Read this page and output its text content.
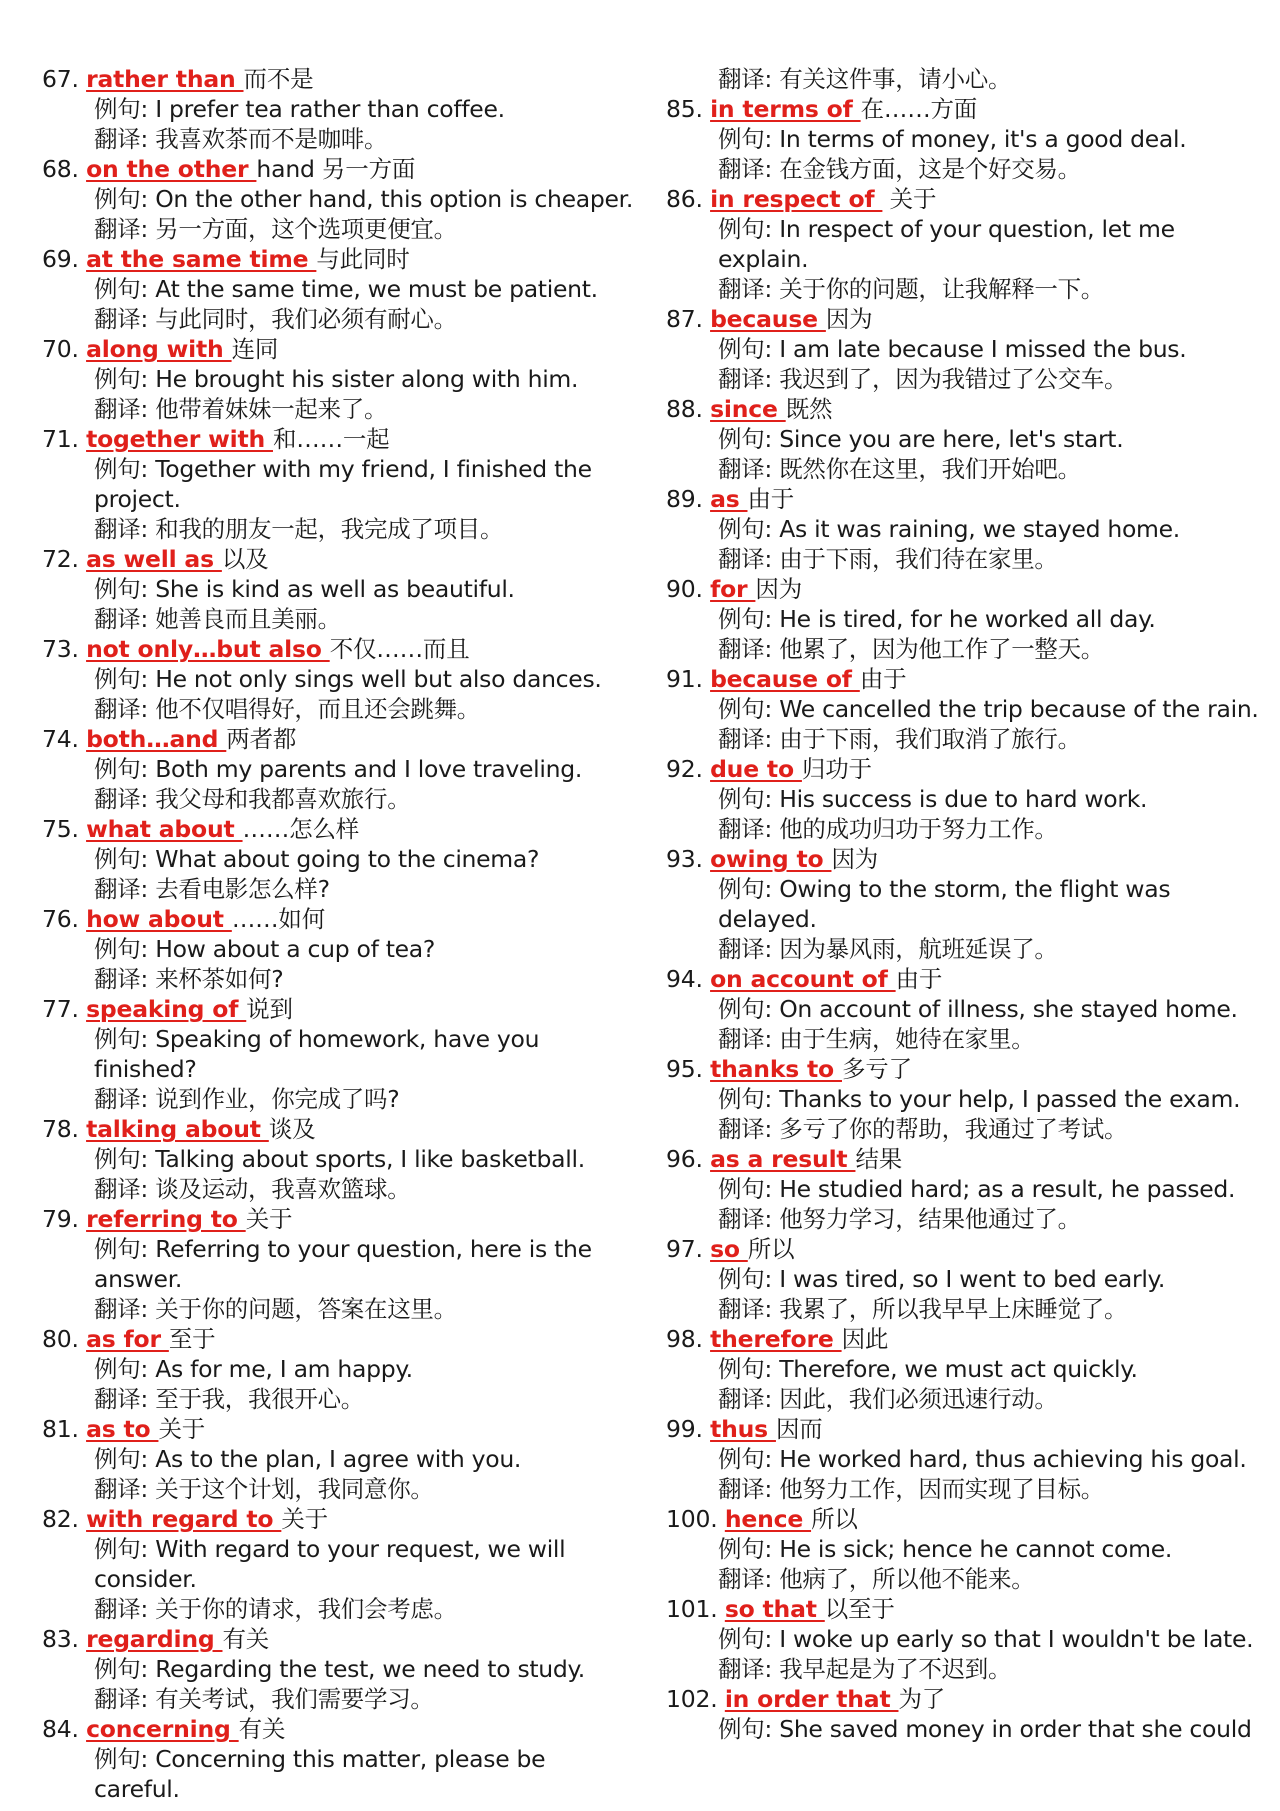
67. rather than 而不是
例句: I prefer tea rather than coffee.
翻译: 我喜欢茶而不是咖啡。
68. on the other hand 另一方面
例句: On the other hand, this option is cheaper.
翻译: 另一方面，这个选项更便宜。
69. at the same time 与此同时
例句: At the same time, we must be patient.
翻译: 与此同时，我们必须有耐心。
70. along with 连同
例句: He brought his sister along with him.
翻译: 他带着妹妹一起来了。
71. together with 和……一起
例句: Together with my friend, I finished the project.
翻译: 和我的朋友一起，我完成了项目。
72. as well as 以及
例句: She is kind as well as beautiful.
翻译: 她善良而且美丽。
73. not only…but also 不仅……而且
例句: He not only sings well but also dances.
翻译: 他不仅唱得好，而且还会跳舞。
74. both…and 两者都
例句: Both my parents and I love traveling.
翻译: 我父母和我都喜欢旅行。
75. what about ……怎么样
例句: What about going to the cinema?
翻译: 去看电影怎么样?
76. how about ……如何
例句: How about a cup of tea?
翻译: 来杯茶如何?
77. speaking of 说到
例句: Speaking of homework, have you finished?
翻译: 说到作业，你完成了吗?
78. talking about 谈及
例句: Talking about sports, I like basketball.
翻译: 谈及运动，我喜欢篮球。
79. referring to 关于
例句: Referring to your question, here is the answer.
翻译: 关于你的问题，答案在这里。
80. as for 至于
例句: As for me, I am happy.
翻译: 至于我，我很开心。
81. as to 关于
例句: As to the plan, I agree with you.
翻译: 关于这个计划，我同意你。
82. with regard to 关于
例句: With regard to your request, we will consider.
翻译: 关于你的请求，我们会考虑。
83. regarding 有关
例句: Regarding the test, we need to study.
翻译: 有关考试，我们需要学习。
84. concerning 有关
例句: Concerning this matter, please be careful.
翻译: 有关这件事，请小心。
85. in terms of 在……方面
例句: In terms of money, it's a good deal.
翻译: 在金钱方面，这是个好交易。
86. in respect of  关于
例句: In respect of your question, let me explain.
翻译: 关于你的问题，让我解释一下。
87. because 因为
例句: I am late because I missed the bus.
翻译: 我迟到了，因为我错过了公交车。
88. since 既然
例句: Since you are here, let's start.
翻译: 既然你在这里，我们开始吧。
89. as 由于
例句: As it was raining, we stayed home.
翻译: 由于下雨，我们待在家里。
90. for 因为
例句: He is tired, for he worked all day.
翻译: 他累了，因为他工作了一整天。
91. because of 由于
例句: We cancelled the trip because of the rain.
翻译: 由于下雨，我们取消了旅行。
92. due to 归功于
例句: His success is due to hard work.
翻译: 他的成功归功于努力工作。
93. owing to 因为
例句: Owing to the storm, the flight was delayed.
翻译: 因为暴风雨，航班延误了。
94. on account of 由于
例句: On account of illness, she stayed home.
翻译: 由于生病，她待在家里。
95. thanks to 多亏了
例句: Thanks to your help, I passed the exam.
翻译: 多亏了你的帮助，我通过了考试。
96. as a result 结果
例句: He studied hard; as a result, he passed.
翻译: 他努力学习，结果他通过了。
97. so 所以
例句: I was tired, so I went to bed early.
翻译: 我累了，所以我早早上床睡觉了。
98. therefore 因此
例句: Therefore, we must act quickly.
翻译: 因此，我们必须迅速行动。
99. thus 因而
例句: He worked hard, thus achieving his goal.
翻译: 他努力工作，因而实现了目标。
100. hence 所以
例句: He is sick; hence he cannot come.
翻译: 他病了，所以他不能来。
101. so that 以至于
例句: I woke up early so that I wouldn't be late.
翻译: 我早起是为了不迟到。
102. in order that 为了
例句: She saved money in order that she could
